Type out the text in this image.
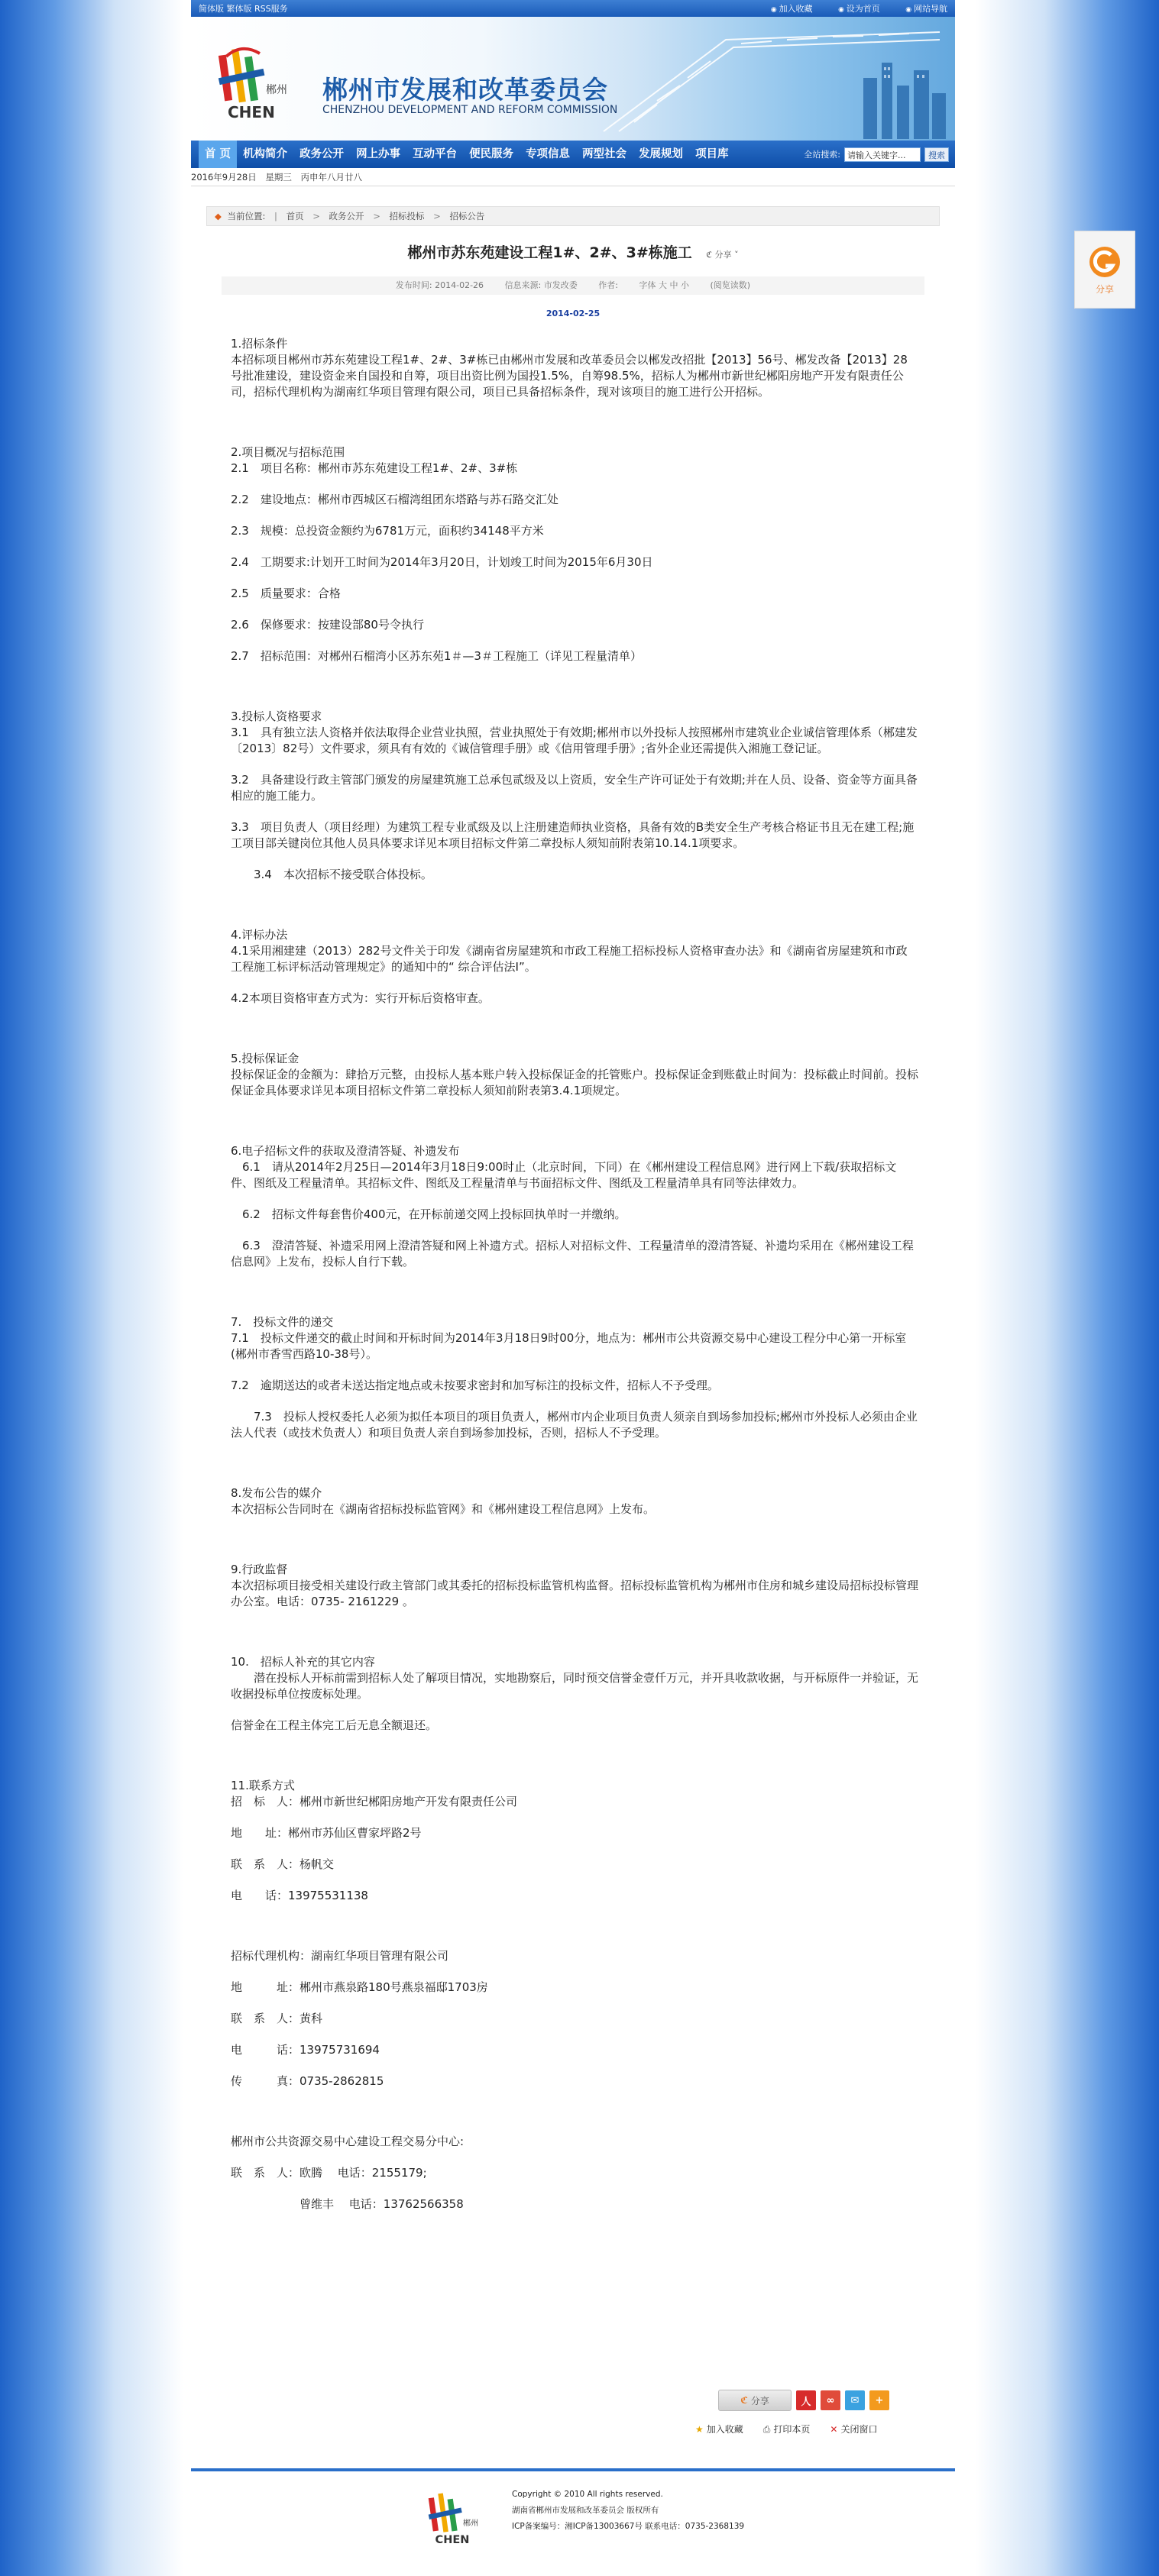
简体版 繁体版 RSS服务	◉ 加入收藏	◉ 设为首页	◉ 网站导航
郴州
CHEN
郴州市发展和改革委员会
CHENZHOU DEVELOPMENT AND REFORM COMMISSION
首 页	机构简介	政务公开	网上办事	互动平台	便民服务	专项信息	两型社会	发展规划	项目库	全站搜索: 请输入关键字...	搜索
2016年9月28日 星期三 丙申年八月廿八
◆ 当前位置: | 首页 > 政务公开 > 招标投标 > 招标公告
郴州市苏东苑建设工程1#、2#、3#栋施工 ℭ 分享 ˅
发布时间: 2014-02-26	信息来源: 市发改委	作者:	字体 大 中 小	(阅览读数)
2014-02-25

1.招标条件

本招标项目郴州市苏东苑建设工程1#、2#、3#栋已由郴州市发展和改革委员会以郴发改招批【2013】56号、郴发改备【2013】28号批准建设，建设资金来自国投和自筹，项目出资比例为国投1.5%，自筹98.5%，招标人为郴州市新世纪郴阳房地产开发有限责任公司，招标代理机构为湖南红华项目管理有限公司，项目已具备招标条件，现对该项目的施工进行公开招标。

2.项目概况与招标范围

2.1　项目名称：郴州市苏东苑建设工程1#、2#、3#栋

2.2　建设地点：郴州市西城区石榴湾组团东塔路与苏石路交汇处

2.3　规模：总投资金额约为6781万元，面积约34148平方米

2.4　工期要求:计划开工时间为2014年3月20日，计划竣工时间为2015年6月30日

2.5　质量要求：合格

2.6　保修要求：按建设部80号令执行

2.7　招标范围：对郴州石榴湾小区苏东苑1＃—3＃工程施工（详见工程量清单）

3.投标人资格要求

3.1　具有独立法人资格并依法取得企业营业执照，营业执照处于有效期;郴州市以外投标人按照郴州市建筑业企业诚信管理体系（郴建发〔2013〕82号）文件要求，须具有有效的《诚信管理手册》或《信用管理手册》;省外企业还需提供入湘施工登记证。

3.2　具备建设行政主管部门颁发的房屋建筑施工总承包贰级及以上资质，安全生产许可证处于有效期;并在人员、设备、资金等方面具备相应的施工能力。

3.3　项目负责人（项目经理）为建筑工程专业贰级及以上注册建造师执业资格，具备有效的B类安全生产考核合格证书且无在建工程;施工项目部关键岗位其他人员具体要求详见本项目招标文件第二章投标人须知前附表第10.14.1项要求。

　　3.4　本次招标不接受联合体投标。

4.评标办法

4.1采用湘建建（2013）282号文件关于印发《湖南省房屋建筑和市政工程施工招标投标人资格审查办法》和《湖南省房屋建筑和市政工程施工标评标活动管理规定》的通知中的“ 综合评估法Ⅰ”。

4.2本项目资格审查方式为：实行开标后资格审查。

5.投标保证金

投标保证金的金额为：肆拾万元整，由投标人基本账户转入投标保证金的托管账户。投标保证金到账截止时间为：投标截止时间前。投标保证金具体要求详见本项目招标文件第二章投标人须知前附表第3.4.1项规定。

6.电子招标文件的获取及澄清答疑、补遗发布

　6.1　请从2014年2月25日—2014年3月18日9:00时止（北京时间，下同）在《郴州建设工程信息网》进行网上下载/获取招标文件、图纸及工程量清单。其招标文件、图纸及工程量清单与书面招标文件、图纸及工程量清单具有同等法律效力。

　6.2　招标文件每套售价400元，在开标前递交网上投标回执单时一并缴纳。

　6.3　澄清答疑、补遗采用网上澄清答疑和网上补遗方式。招标人对招标文件、工程量清单的澄清答疑、补遗均采用在《郴州建设工程信息网》上发布，投标人自行下载。

7.　投标文件的递交

7.1　投标文件递交的截止时间和开标时间为2014年3月18日9时00分，地点为：郴州市公共资源交易中心建设工程分中心第一开标室(郴州市香雪西路10-38号）。

7.2　逾期送达的或者未送达指定地点或未按要求密封和加写标注的投标文件，招标人不予受理。

　　7.3　投标人授权委托人必须为拟任本项目的项目负责人，郴州市内企业项目负责人须亲自到场参加投标;郴州市外投标人必须由企业法人代表（或技术负责人）和项目负责人亲自到场参加投标，否则，招标人不予受理。

8.发布公告的媒介

本次招标公告同时在《湖南省招标投标监管网》和《郴州建设工程信息网》上发布。

9.行政监督

本次招标项目接受相关建设行政主管部门或其委托的招标投标监管机构监督。招标投标监管机构为郴州市住房和城乡建设局招标投标管理办公室。电话：0735- 2161229 。

10.　招标人补充的其它内容

　　潜在投标人开标前需到招标人处了解项目情况，实地勘察后，同时预交信誉金壹仟万元，并开具收款收据，与开标原件一并验证，无收据投标单位按废标处理。

信誉金在工程主体完工后无息全额退还。

11.联系方式

招　标　人：郴州市新世纪郴阳房地产开发有限责任公司

地　　址：郴州市苏仙区曹家坪路2号

联　系　人：杨帆交

电　　话：13975531138

招标代理机构：湖南红华项目管理有限公司

地　　　址：郴州市燕泉路180号燕泉福邸1703房

联　系　人：黄科

电　　　话：13975731694

传　　　真：0735-2862815

郴州市公共资源交易中心建设工程交易分中心:

联　系　人：欧腾　 电话：2155179;

　　　　　　曾维丰　 电话：13762566358

ℭ 分享	人	∞	✉	+
★ 加入收藏 ⎙ 打印本页 ✕ 关闭窗口
郴州
CHEN
Copyright © 2010 All rights reserved.
湖南省郴州市发展和改革委员会 版权所有
ICP备案编号：湘ICP备13003667号 联系电话：0735-2368139
分享
